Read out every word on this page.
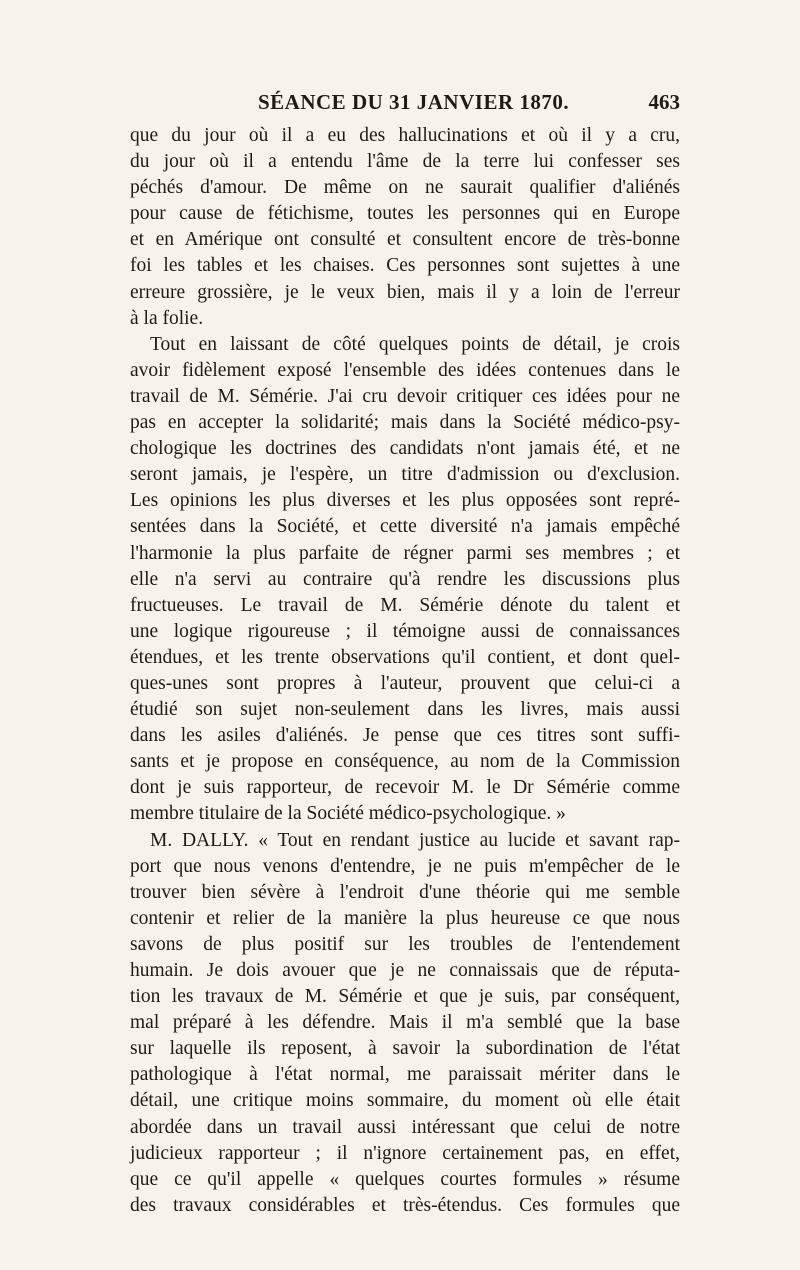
SÉANCE DU 31 JANVIER 1870.	463
que du jour où il a eu des hallucinations et où il y a cru,
du jour où il a entendu l'âme de la terre lui confesser ses
péchés d'amour. De même on ne saurait qualifier d'aliénés
pour cause de fétichisme, toutes les personnes qui en Europe
et en Amérique ont consulté et consultent encore de très-bonne
foi les tables et les chaises. Ces personnes sont sujettes à une
erreure grossière, je le veux bien, mais il y a loin de l'erreur
à la folie.
Tout en laissant de côté quelques points de détail, je crois
avoir fidèlement exposé l'ensemble des idées contenues dans le
travail de M. Sémérie. J'ai cru devoir critiquer ces idées pour ne
pas en accepter la solidarité; mais dans la Société médico-psy-
chologique les doctrines des candidats n'ont jamais été, et ne
seront jamais, je l'espère, un titre d'admission ou d'exclusion.
Les opinions les plus diverses et les plus opposées sont repré-
sentées dans la Société, et cette diversité n'a jamais empêché
l'harmonie la plus parfaite de régner parmi ses membres ; et
elle n'a servi au contraire qu'à rendre les discussions plus
fructueuses. Le travail de M. Sémérie dénote du talent et
une logique rigoureuse ; il témoigne aussi de connaissances
étendues, et les trente observations qu'il contient, et dont quel-
ques-unes sont propres à l'auteur, prouvent que celui-ci a
étudié son sujet non-seulement dans les livres, mais aussi
dans les asiles d'aliénés. Je pense que ces titres sont suffi-
sants et je propose en conséquence, au nom de la Commission
dont je suis rapporteur, de recevoir M. le Dr Sémérie comme
membre titulaire de la Société médico-psychologique. »
M. DALLY. « Tout en rendant justice au lucide et savant rap-
port que nous venons d'entendre, je ne puis m'empêcher de le
trouver bien sévère à l'endroit d'une théorie qui me semble
contenir et relier de la manière la plus heureuse ce que nous
savons de plus positif sur les troubles de l'entendement
humain. Je dois avouer que je ne connaissais que de réputa-
tion les travaux de M. Sémérie et que je suis, par conséquent,
mal préparé à les défendre. Mais il m'a semblé que la base
sur laquelle ils reposent, à savoir la subordination de l'état
pathologique à l'état normal, me paraissait mériter dans le
détail, une critique moins sommaire, du moment où elle était
abordée dans un travail aussi intéressant que celui de notre
judicieux rapporteur ; il n'ignore certainement pas, en effet,
que ce qu'il appelle « quelques courtes formules » résume
des travaux considérables et très-étendus. Ces formules que
